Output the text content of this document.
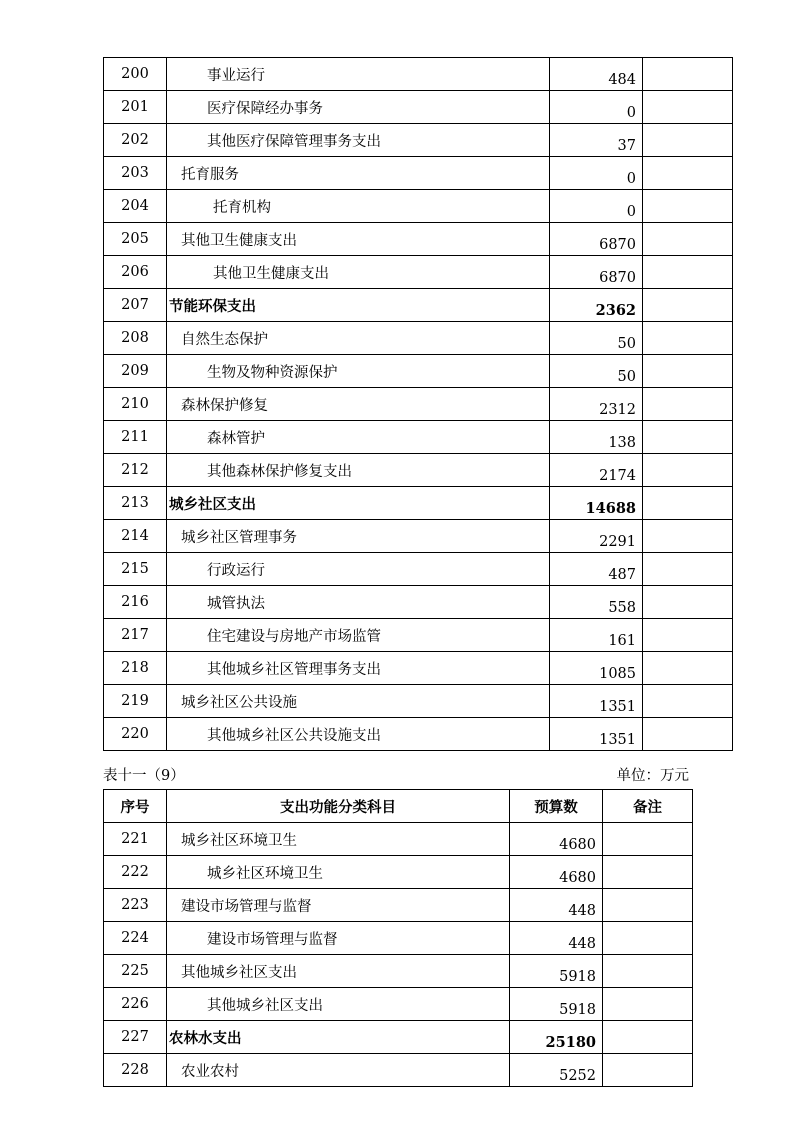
200	事业运行	484	
201	医疗保障经办事务	0	
202	其他医疗保障管理事务支出	37	
203	托育服务	0	
204	托育机构	0	
205	其他卫生健康支出	6870	
206	其他卫生健康支出	6870	
207	节能环保支出	2362	
208	自然生态保护	50	
209	生物及物种资源保护	50	
210	森林保护修复	2312	
211	森林管护	138	
212	其他森林保护修复支出	2174	
213	城乡社区支出	14688	
214	城乡社区管理事务	2291	
215	行政运行	487	
216	城管执法	558	
217	住宅建设与房地产市场监管	161	
218	其他城乡社区管理事务支出	1085	
219	城乡社区公共设施	1351	
220	其他城乡社区公共设施支出	1351	
表十一（9）	单位：万元
序号	支出功能分类科目	预算数	备注
221	城乡社区环境卫生	4680	
222	城乡社区环境卫生	4680	
223	建设市场管理与监督	448	
224	建设市场管理与监督	448	
225	其他城乡社区支出	5918	
226	其他城乡社区支出	5918	
227	农林水支出	25180	
228	农业农村	5252	
